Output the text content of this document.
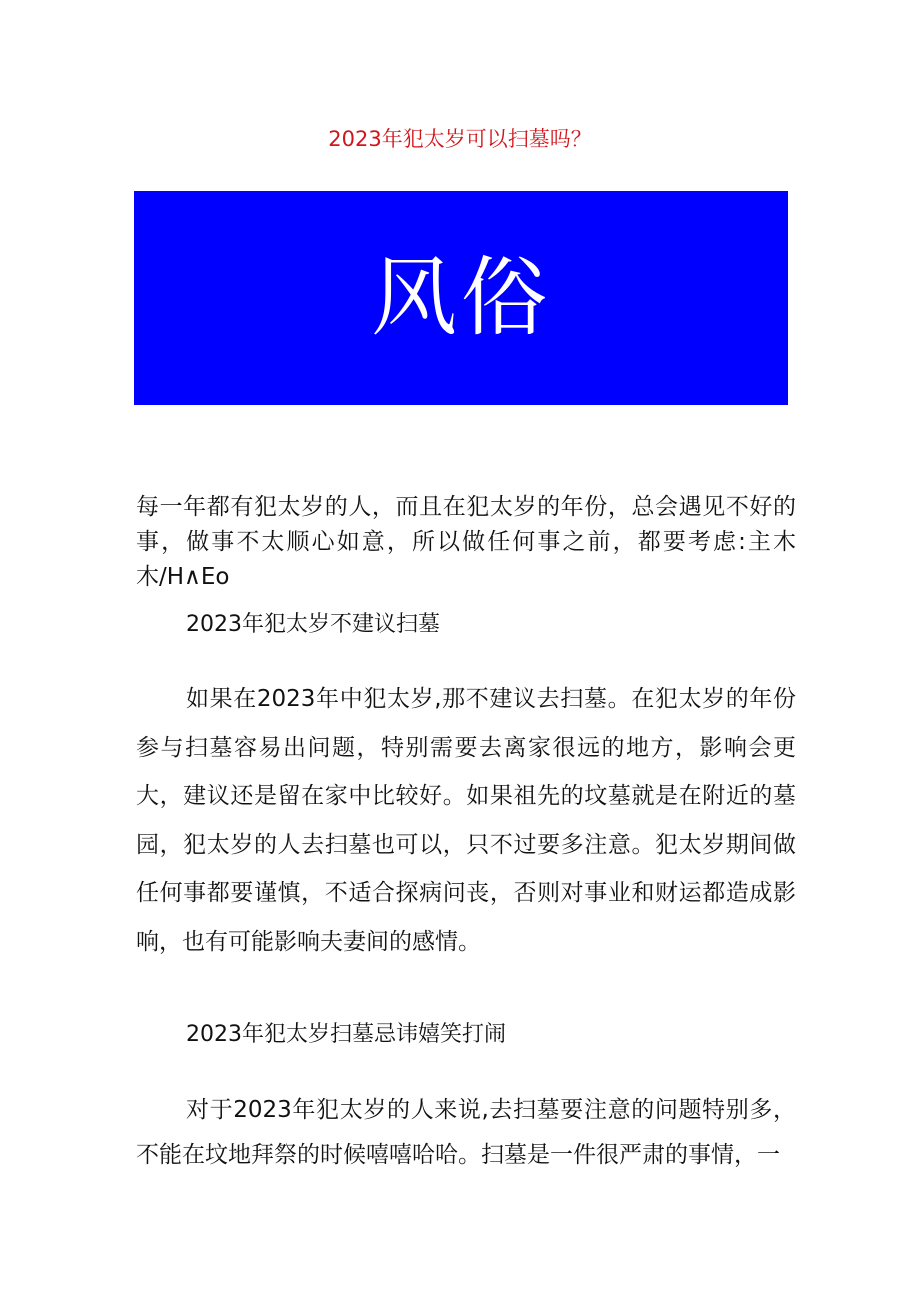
2023年犯太岁可以扫墓吗？
风俗

每一年都有犯太岁的人，而且在犯太岁的年份，总会遇见不好的事，做事不太顺心如意，所以做任何事之前，都要考虑:主木木/H∧Eo

2023年犯太岁不建议扫墓

如果在2023年中犯太岁,那不建议去扫墓。在犯太岁的年份参与扫墓容易出问题，特别需要去离家很远的地方，影响会更大，建议还是留在家中比较好。如果祖先的坟墓就是在附近的墓园，犯太岁的人去扫墓也可以，只不过要多注意。犯太岁期间做任何事都要谨慎，不适合探病问丧，否则对事业和财运都造成影响，也有可能影响夫妻间的感情。

2023年犯太岁扫墓忌讳嬉笑打闹

对于2023年犯太岁的人来说,去扫墓要注意的问题特别多，不能在坟地拜祭的时候嘻嘻哈哈。扫墓是一件很严肃的事情，一
